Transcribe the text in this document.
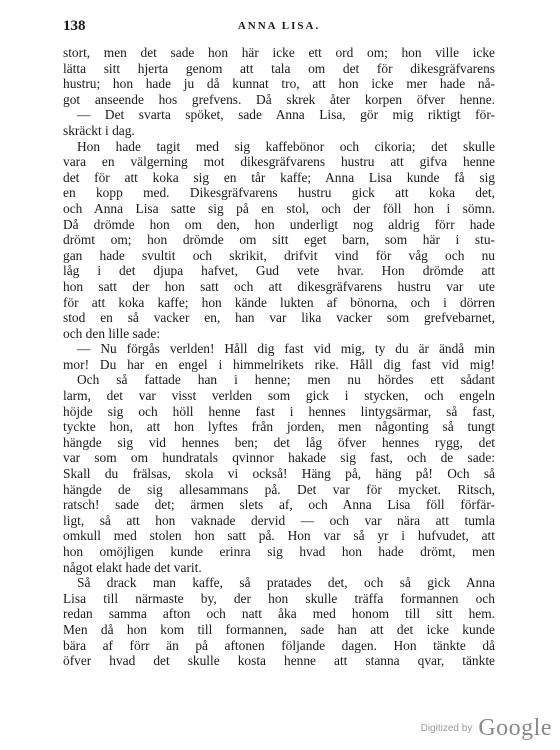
138	ANNA LISA.
stort, men det sade hon här icke ett ord om; hon ville icke
lätta sitt hjerta genom att tala om det för dikesgräfvarens
hustru; hon hade ju då kunnat tro, att hon icke mer hade nå-
got anseende hos grefvens. Då skrek åter korpen öfver henne.
— Det svarta spöket, sade Anna Lisa, gör mig riktigt för-
skräckt i dag.
Hon hade tagit med sig kaffebönor och cikoria; det skulle
vara en välgerning mot dikesgräfvarens hustru att gifva henne
det för att koka sig en tår kaffe; Anna Lisa kunde få sig
en kopp med. Dikesgräfvarens hustru gick att koka det,
och Anna Lisa satte sig på en stol, och der föll hon i sömn.
Då drömde hon om den, hon underligt nog aldrig förr hade
drömt om; hon drömde om sitt eget barn, som här i stu-
gan hade svultit och skrikit, drifvit vind för våg och nu
låg i det djupa hafvet, Gud vete hvar. Hon drömde att
hon satt der hon satt och att dikesgräfvarens hustru var ute
för att koka kaffe; hon kände lukten af bönorna, och i dörren
stod en så vacker en, han var lika vacker som grefvebarnet,
och den lille sade:
— Nu förgås verlden! Håll dig fast vid mig, ty du är ändå min
mor! Du har en engel i himmelrikets rike. Håll dig fast vid mig!
Och så fattade han i henne; men nu hördes ett sådant
larm, det var visst verlden som gick i stycken, och engeln
höjde sig och höll henne fast i hennes lintygsärmar, så fast,
tyckte hon, att hon lyftes från jorden, men någonting så tungt
hängde sig vid hennes ben; det låg öfver hennes rygg, det
var som om hundratals qvinnor hakade sig fast, och de sade:
Skall du frälsas, skola vi också! Häng på, häng på! Och så
hängde de sig allesammans på. Det var för mycket. Ritsch,
ratsch! sade det; ärmen slets af, och Anna Lisa föll förfär-
ligt, så att hon vaknade dervid — och var nära att tumla
omkull med stolen hon satt på. Hon var så yr i hufvudet, att
hon omöjligen kunde erinra sig hvad hon hade drömt, men
något elakt hade det varit.
Så drack man kaffe, så pratades det, och så gick Anna
Lisa till närmaste by, der hon skulle träffa formannen och
redan samma afton och natt åka med honom till sitt hem.
Men då hon kom till formannen, sade han att det icke kunde
bära af förr än på aftonen följande dagen. Hon tänkte då
öfver hvad det skulle kosta henne att stanna qvar, tänkte
Digitized by Google
